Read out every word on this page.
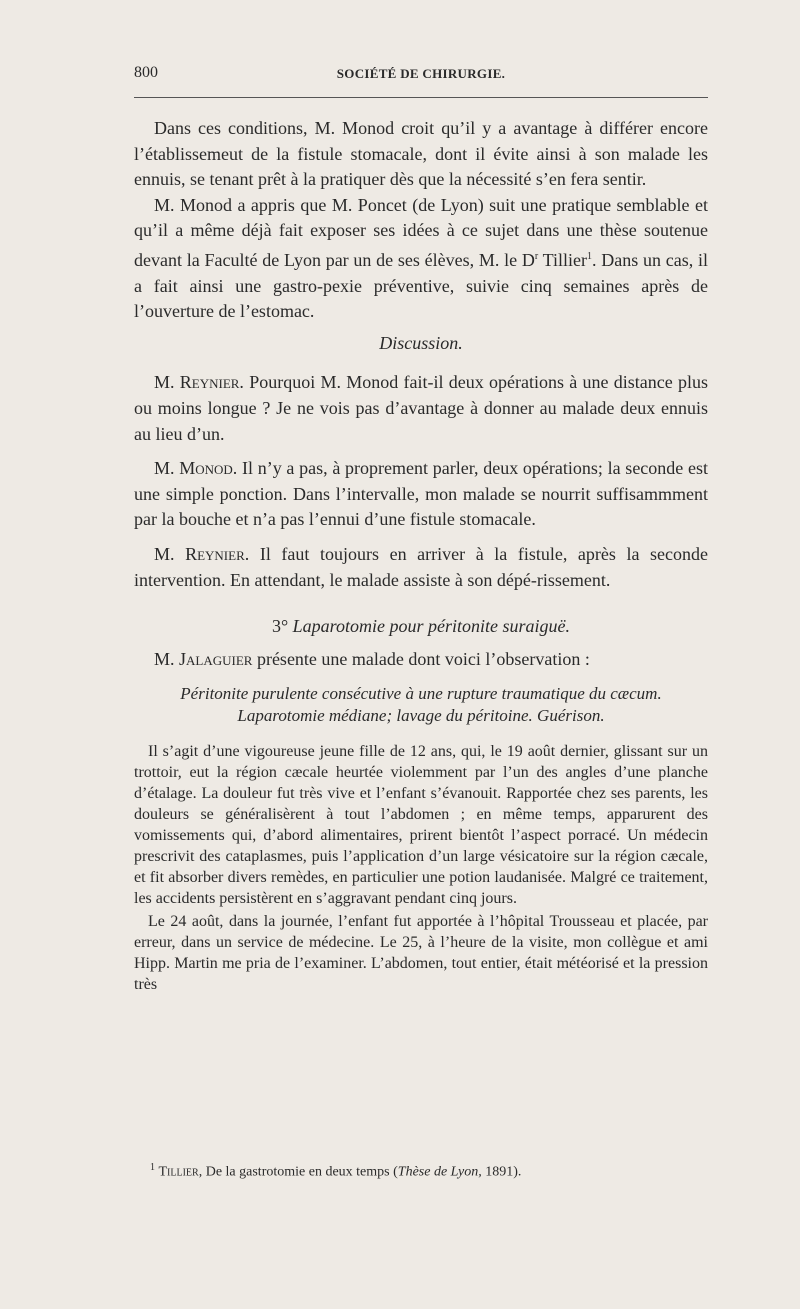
800	SOCIÉTÉ DE CHIRURGIE.

Dans ces conditions, M. Monod croit qu’il y a avantage à différer encore l’établissemeut de la fistule stomacale, dont il évite ainsi à son malade les ennuis, se tenant prêt à la pratiquer dès que la nécessité s’en fera sentir.

M. Monod a appris que M. Poncet (de Lyon) suit une pratique semblable et qu’il a même déjà fait exposer ses idées à ce sujet dans une thèse soutenue devant la Faculté de Lyon par un de ses élèves, M. le $D^r$ Tillier$^1$. Dans un cas, il a fait ainsi une gastro-pexie préventive, suivie cinq semaines après de l’ouverture de l’estomac.

Discussion.

M. Reynier. Pourquoi M. Monod fait-il deux opérations à une distance plus ou moins longue ? Je ne vois pas d’avantage à donner au malade deux ennuis au lieu d’un.

M. Monod. Il n’y a pas, à proprement parler, deux opérations; la seconde est une simple ponction. Dans l’intervalle, mon malade se nourrit suffisammment par la bouche et n’a pas l’ennui d’une fistule stomacale.

M. Reynier. Il faut toujours en arriver à la fistule, après la seconde intervention. En attendant, le malade assiste à son dépé-rissement.

3° Laparotomie pour péritonite suraiguë.

M. Jalaguier présente une malade dont voici l’observation :

Péritonite purulente consécutive à une rupture traumatique du cæcum.
Laparotomie médiane; lavage du péritoine. Guérison.

Il s’agit d’une vigoureuse jeune fille de 12 ans, qui, le 19 août dernier, glissant sur un trottoir, eut la région cæcale heurtée violemment par l’un des angles d’une planche d’étalage. La douleur fut très vive et l’enfant s’évanouit. Rapportée chez ses parents, les douleurs se généralisèrent à tout l’abdomen ; en même temps, apparurent des vomissements qui, d’abord alimentaires, prirent bientôt l’aspect porracé. Un médecin prescrivit des cataplasmes, puis l’application d’un large vésicatoire sur la région cæcale, et fit absorber divers remèdes, en particulier une potion laudanisée. Malgré ce traitement, les accidents persistèrent en s’aggravant pendant cinq jours.

Le 24 août, dans la journée, l’enfant fut apportée à l’hôpital Trousseau et placée, par erreur, dans un service de médecine. Le 25, à l’heure de la visite, mon collègue et ami Hipp. Martin me pria de l’examiner. L’abdomen, tout entier, était météorisé et la pression très

$^1$ Tillier, De la gastrotomie en deux temps (Thèse de Lyon, 1891).
